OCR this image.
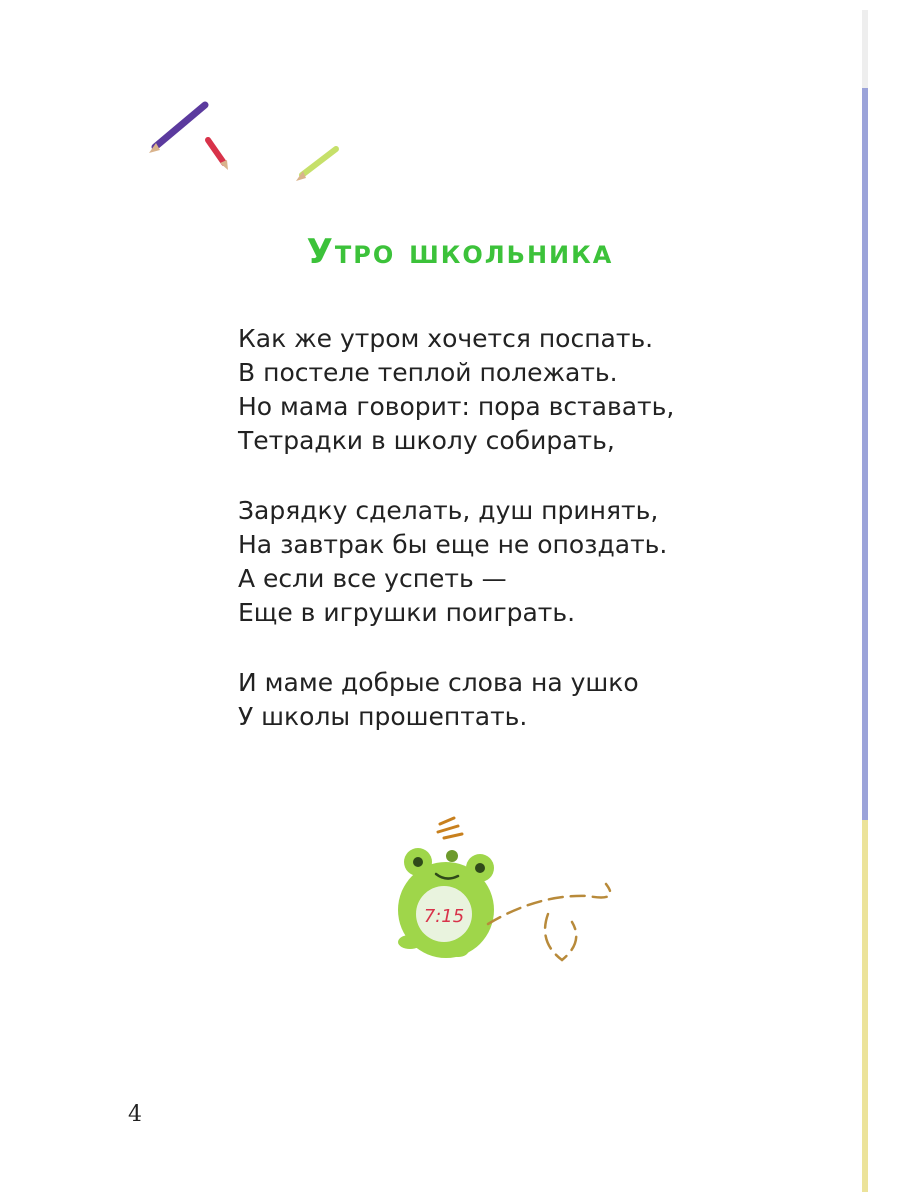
Утро школьника
Как же утром хочется поспать.
В постеле теплой полежать.
Но мама говорит: пора вставать,
Тетрадки в школу собирать,
Зарядку сделать, душ принять,
На завтрак бы еще не опоздать.
А если все успеть —
Еще в игрушки поиграть.
И маме добрые слова на ушко
У школы прошептать.
7:15
4
